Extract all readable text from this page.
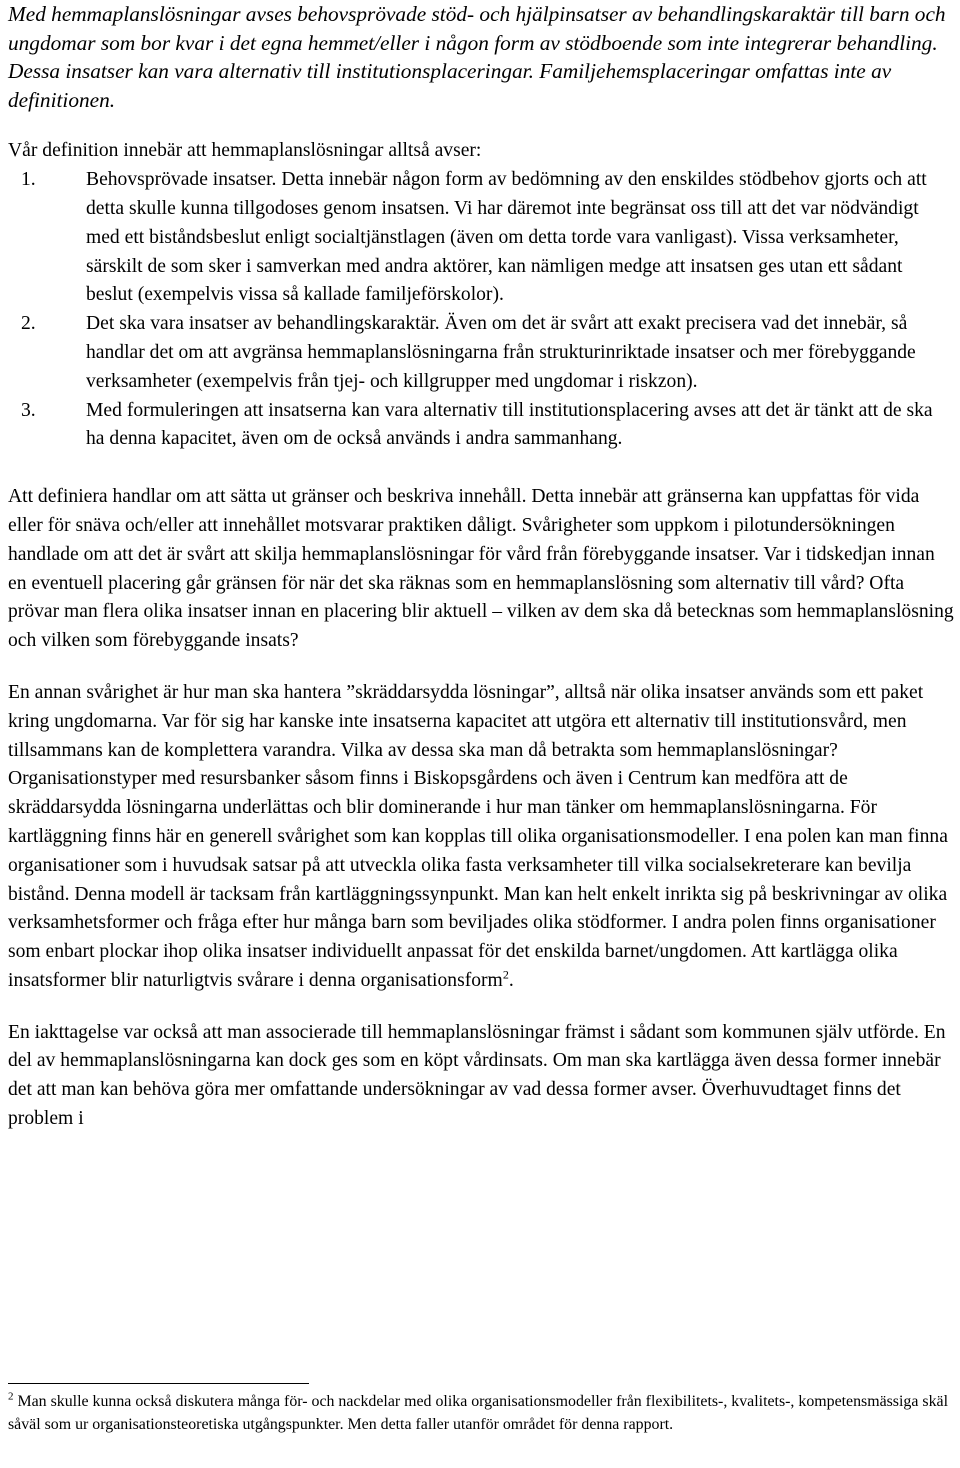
Med hemmaplanslösningar avses behovsprövade stöd- och hjälpinsatser av behandlingskaraktär till barn och ungdomar som bor kvar i det egna hemmet/eller i någon form av stödboende som inte integrerar behandling. Dessa insatser kan vara alternativ till institutionsplaceringar. Familjehemsplaceringar omfattas inte av definitionen.

Vår definition innebär att hemmaplanslösningar alltså avser:

1.	Behovsprövade insatser. Detta innebär någon form av bedömning av den enskildes stödbehov gjorts och att detta skulle kunna tillgodoses genom insatsen. Vi har däremot inte begränsat oss till att det var nödvändigt med ett biståndsbeslut enligt socialtjänstlagen (även om detta torde vara vanligast). Vissa verksamheter, särskilt de som sker i samverkan med andra aktörer, kan nämligen medge att insatsen ges utan ett sådant beslut (exempelvis vissa så kallade familjeförskolor).
2.	Det ska vara insatser av behandlingskaraktär. Även om det är svårt att exakt precisera vad det innebär, så handlar det om att avgränsa hemmaplanslösningarna från strukturinriktade insatser och mer förebyggande verksamheter (exempelvis från tjej- och killgrupper med ungdomar i riskzon).
3.	Med formuleringen att insatserna kan vara alternativ till institutionsplacering avses att det är tänkt att de ska ha denna kapacitet, även om de också används i andra sammanhang.

Att definiera handlar om att sätta ut gränser och beskriva innehåll. Detta innebär att gränserna kan uppfattas för vida eller för snäva och/eller att innehållet motsvarar praktiken dåligt. Svårigheter som uppkom i pilotundersökningen handlade om att det är svårt att skilja hemmaplanslösningar för vård från förebyggande insatser. Var i tidskedjan innan en eventuell placering går gränsen för när det ska räknas som en hemmaplanslösning som alternativ till vård? Ofta prövar man flera olika insatser innan en placering blir aktuell – vilken av dem ska då betecknas som hemmaplanslösning och vilken som förebyggande insats?

En annan svårighet är hur man ska hantera ”skräddarsydda lösningar”, alltså när olika insatser används som ett paket kring ungdomarna. Var för sig har kanske inte insatserna kapacitet att utgöra ett alternativ till institutionsvård, men tillsammans kan de komplettera varandra. Vilka av dessa ska man då betrakta som hemmaplanslösningar? Organisationstyper med resursbanker såsom finns i Biskopsgårdens och även i Centrum kan medföra att de skräddarsydda lösningarna underlättas och blir dominerande i hur man tänker om hemmaplanslösningarna. För kartläggning finns här en generell svårighet som kan kopplas till olika organisationsmodeller. I ena polen kan man finna organisationer som i huvudsak satsar på att utveckla olika fasta verksamheter till vilka socialsekreterare kan bevilja bistånd. Denna modell är tacksam från kartläggningssynpunkt. Man kan helt enkelt inrikta sig på beskrivningar av olika verksamhetsformer och fråga efter hur många barn som beviljades olika stödformer. I andra polen finns organisationer som enbart plockar ihop olika insatser individuellt anpassat för det enskilda barnet/ungdomen. Att kartlägga olika insatsformer blir naturligtvis svårare i denna organisationsform$^2$.

En iakttagelse var också att man associerade till hemmaplanslösningar främst i sådant som kommunen själv utförde. En del av hemmaplanslösningarna kan dock ges som en köpt vårdinsats. Om man ska kartlägga även dessa former innebär det att man kan behöva göra mer omfattande undersökningar av vad dessa former avser. Överhuvudtaget finns det problem i

$^2$ Man skulle kunna också diskutera många för- och nackdelar med olika organisationsmodeller från flexibilitets-, kvalitets-, kompetensmässiga skäl såväl som ur organisationsteoretiska utgångspunkter. Men detta faller utanför området för denna rapport.
